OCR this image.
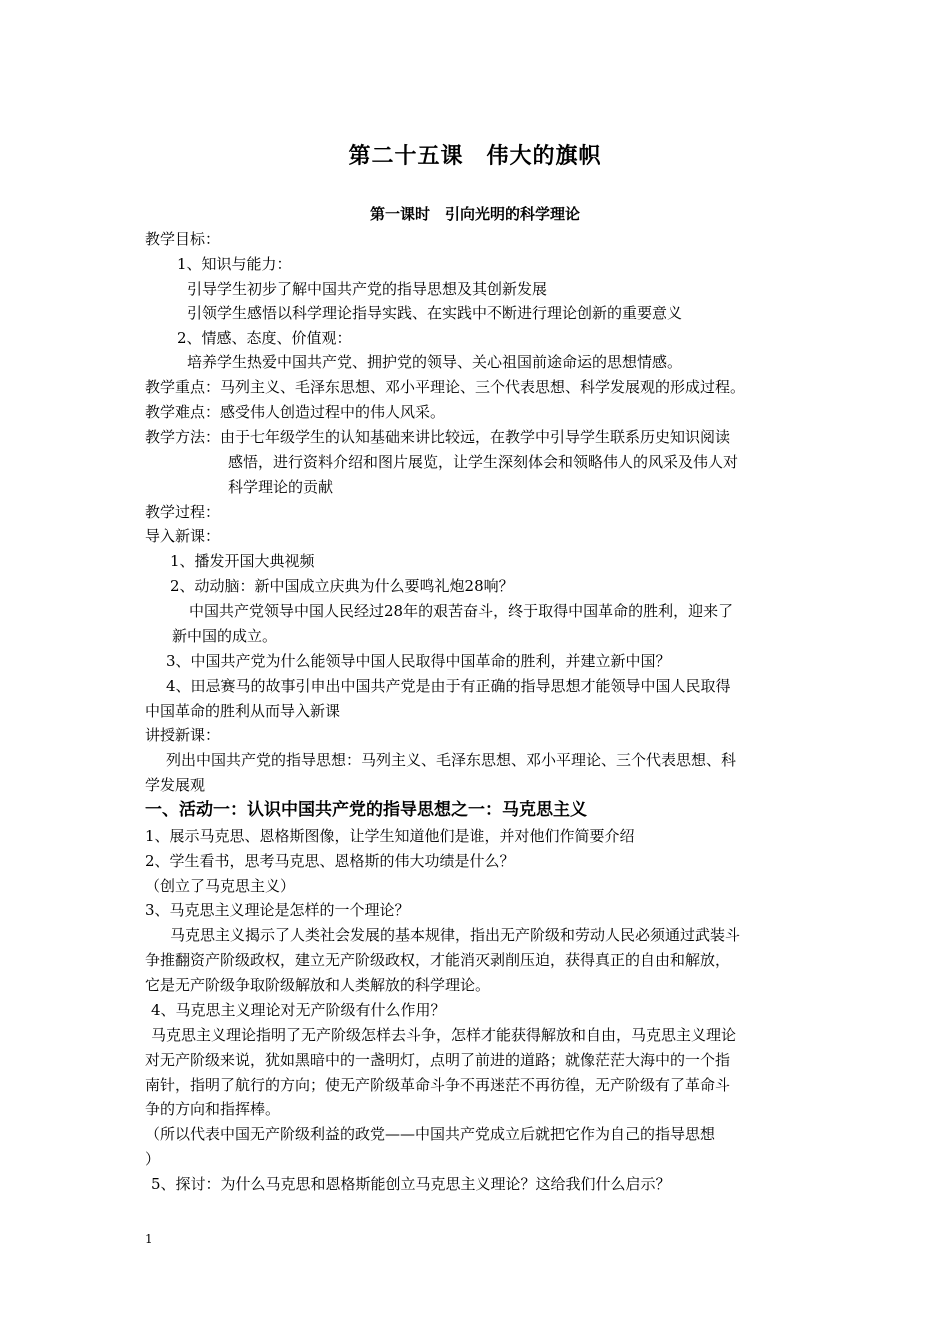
第二十五课　伟大的旗帜
第一课时　引向光明的科学理论
教学目标：
1、知识与能力：
引导学生初步了解中国共产党的指导思想及其创新发展
引领学生感悟以科学理论指导实践、在实践中不断进行理论创新的重要意义
2、情感、态度、价值观：
培养学生热爱中国共产党、拥护党的领导、关心祖国前途命运的思想情感。
教学重点：马列主义、毛泽东思想、邓小平理论、三个代表思想、科学发展观的形成过程。
教学难点：感受伟人创造过程中的伟人风采。
教学方法：由于七年级学生的认知基础来讲比较远，在教学中引导学生联系历史知识阅读
感悟，进行资料介绍和图片展览，让学生深刻体会和领略伟人的风采及伟人对
科学理论的贡献
教学过程：
导入新课：
1、播发开国大典视频
2、动动脑：新中国成立庆典为什么要鸣礼炮28响？
中国共产党领导中国人民经过28年的艰苦奋斗，终于取得中国革命的胜利，迎来了
新中国的成立。
3、中国共产党为什么能领导中国人民取得中国革命的胜利，并建立新中国？
4、田忌赛马的故事引申出中国共产党是由于有正确的指导思想才能领导中国人民取得
中国革命的胜利从而导入新课
讲授新课：
列出中国共产党的指导思想：马列主义、毛泽东思想、邓小平理论、三个代表思想、科
学发展观
一、活动一：认识中国共产党的指导思想之一：马克思主义
1、展示马克思、恩格斯图像，让学生知道他们是谁，并对他们作简要介绍
2、学生看书，思考马克思、恩格斯的伟大功绩是什么？
（创立了马克思主义）
3、马克思主义理论是怎样的一个理论？
马克思主义揭示了人类社会发展的基本规律，指出无产阶级和劳动人民必须通过武装斗
争推翻资产阶级政权，建立无产阶级政权，才能消灭剥削压迫，获得真正的自由和解放，
它是无产阶级争取阶级解放和人类解放的科学理论。
4、马克思主义理论对无产阶级有什么作用？
马克思主义理论指明了无产阶级怎样去斗争，怎样才能获得解放和自由，马克思主义理论
对无产阶级来说，犹如黑暗中的一盏明灯，点明了前进的道路；就像茫茫大海中的一个指
南针，指明了航行的方向；使无产阶级革命斗争不再迷茫不再彷徨，无产阶级有了革命斗
争的方向和指挥棒。
（所以代表中国无产阶级利益的政党——中国共产党成立后就把它作为自己的指导思想
）
5、探讨：为什么马克思和恩格斯能创立马克思主义理论？这给我们什么启示？
1
